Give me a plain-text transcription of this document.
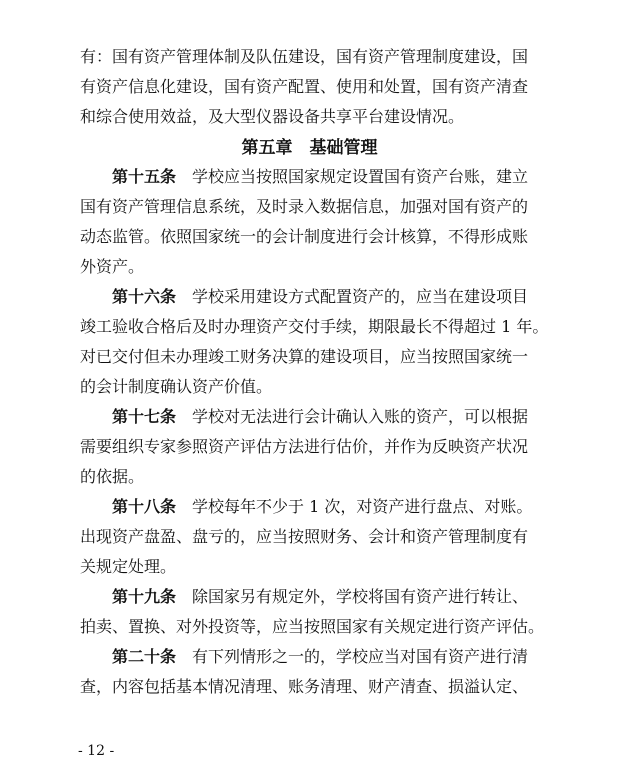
有：国有资产管理体制及队伍建设，国有资产管理制度建设，国
有资产信息化建设，国有资产配置、使用和处置，国有资产清查
和综合使用效益，及大型仪器设备共享平台建设情况。
第五章　基础管理
第十五条　学校应当按照国家规定设置国有资产台账，建立
国有资产管理信息系统，及时录入数据信息，加强对国有资产的
动态监管。依照国家统一的会计制度进行会计核算，不得形成账
外资产。
第十六条　学校采用建设方式配置资产的，应当在建设项目
竣工验收合格后及时办理资产交付手续，期限最长不得超过 1 年。
对已交付但未办理竣工财务决算的建设项目，应当按照国家统一
的会计制度确认资产价值。
第十七条　学校对无法进行会计确认入账的资产，可以根据
需要组织专家参照资产评估方法进行估价，并作为反映资产状况
的依据。
第十八条　学校每年不少于 1 次，对资产进行盘点、对账。
出现资产盘盈、盘亏的，应当按照财务、会计和资产管理制度有
关规定处理。
第十九条　除国家另有规定外，学校将国有资产进行转让、
拍卖、置换、对外投资等，应当按照国家有关规定进行资产评估。
第二十条　有下列情形之一的，学校应当对国有资产进行清
查，内容包括基本情况清理、账务清理、财产清查、损溢认定、
- 12 -
